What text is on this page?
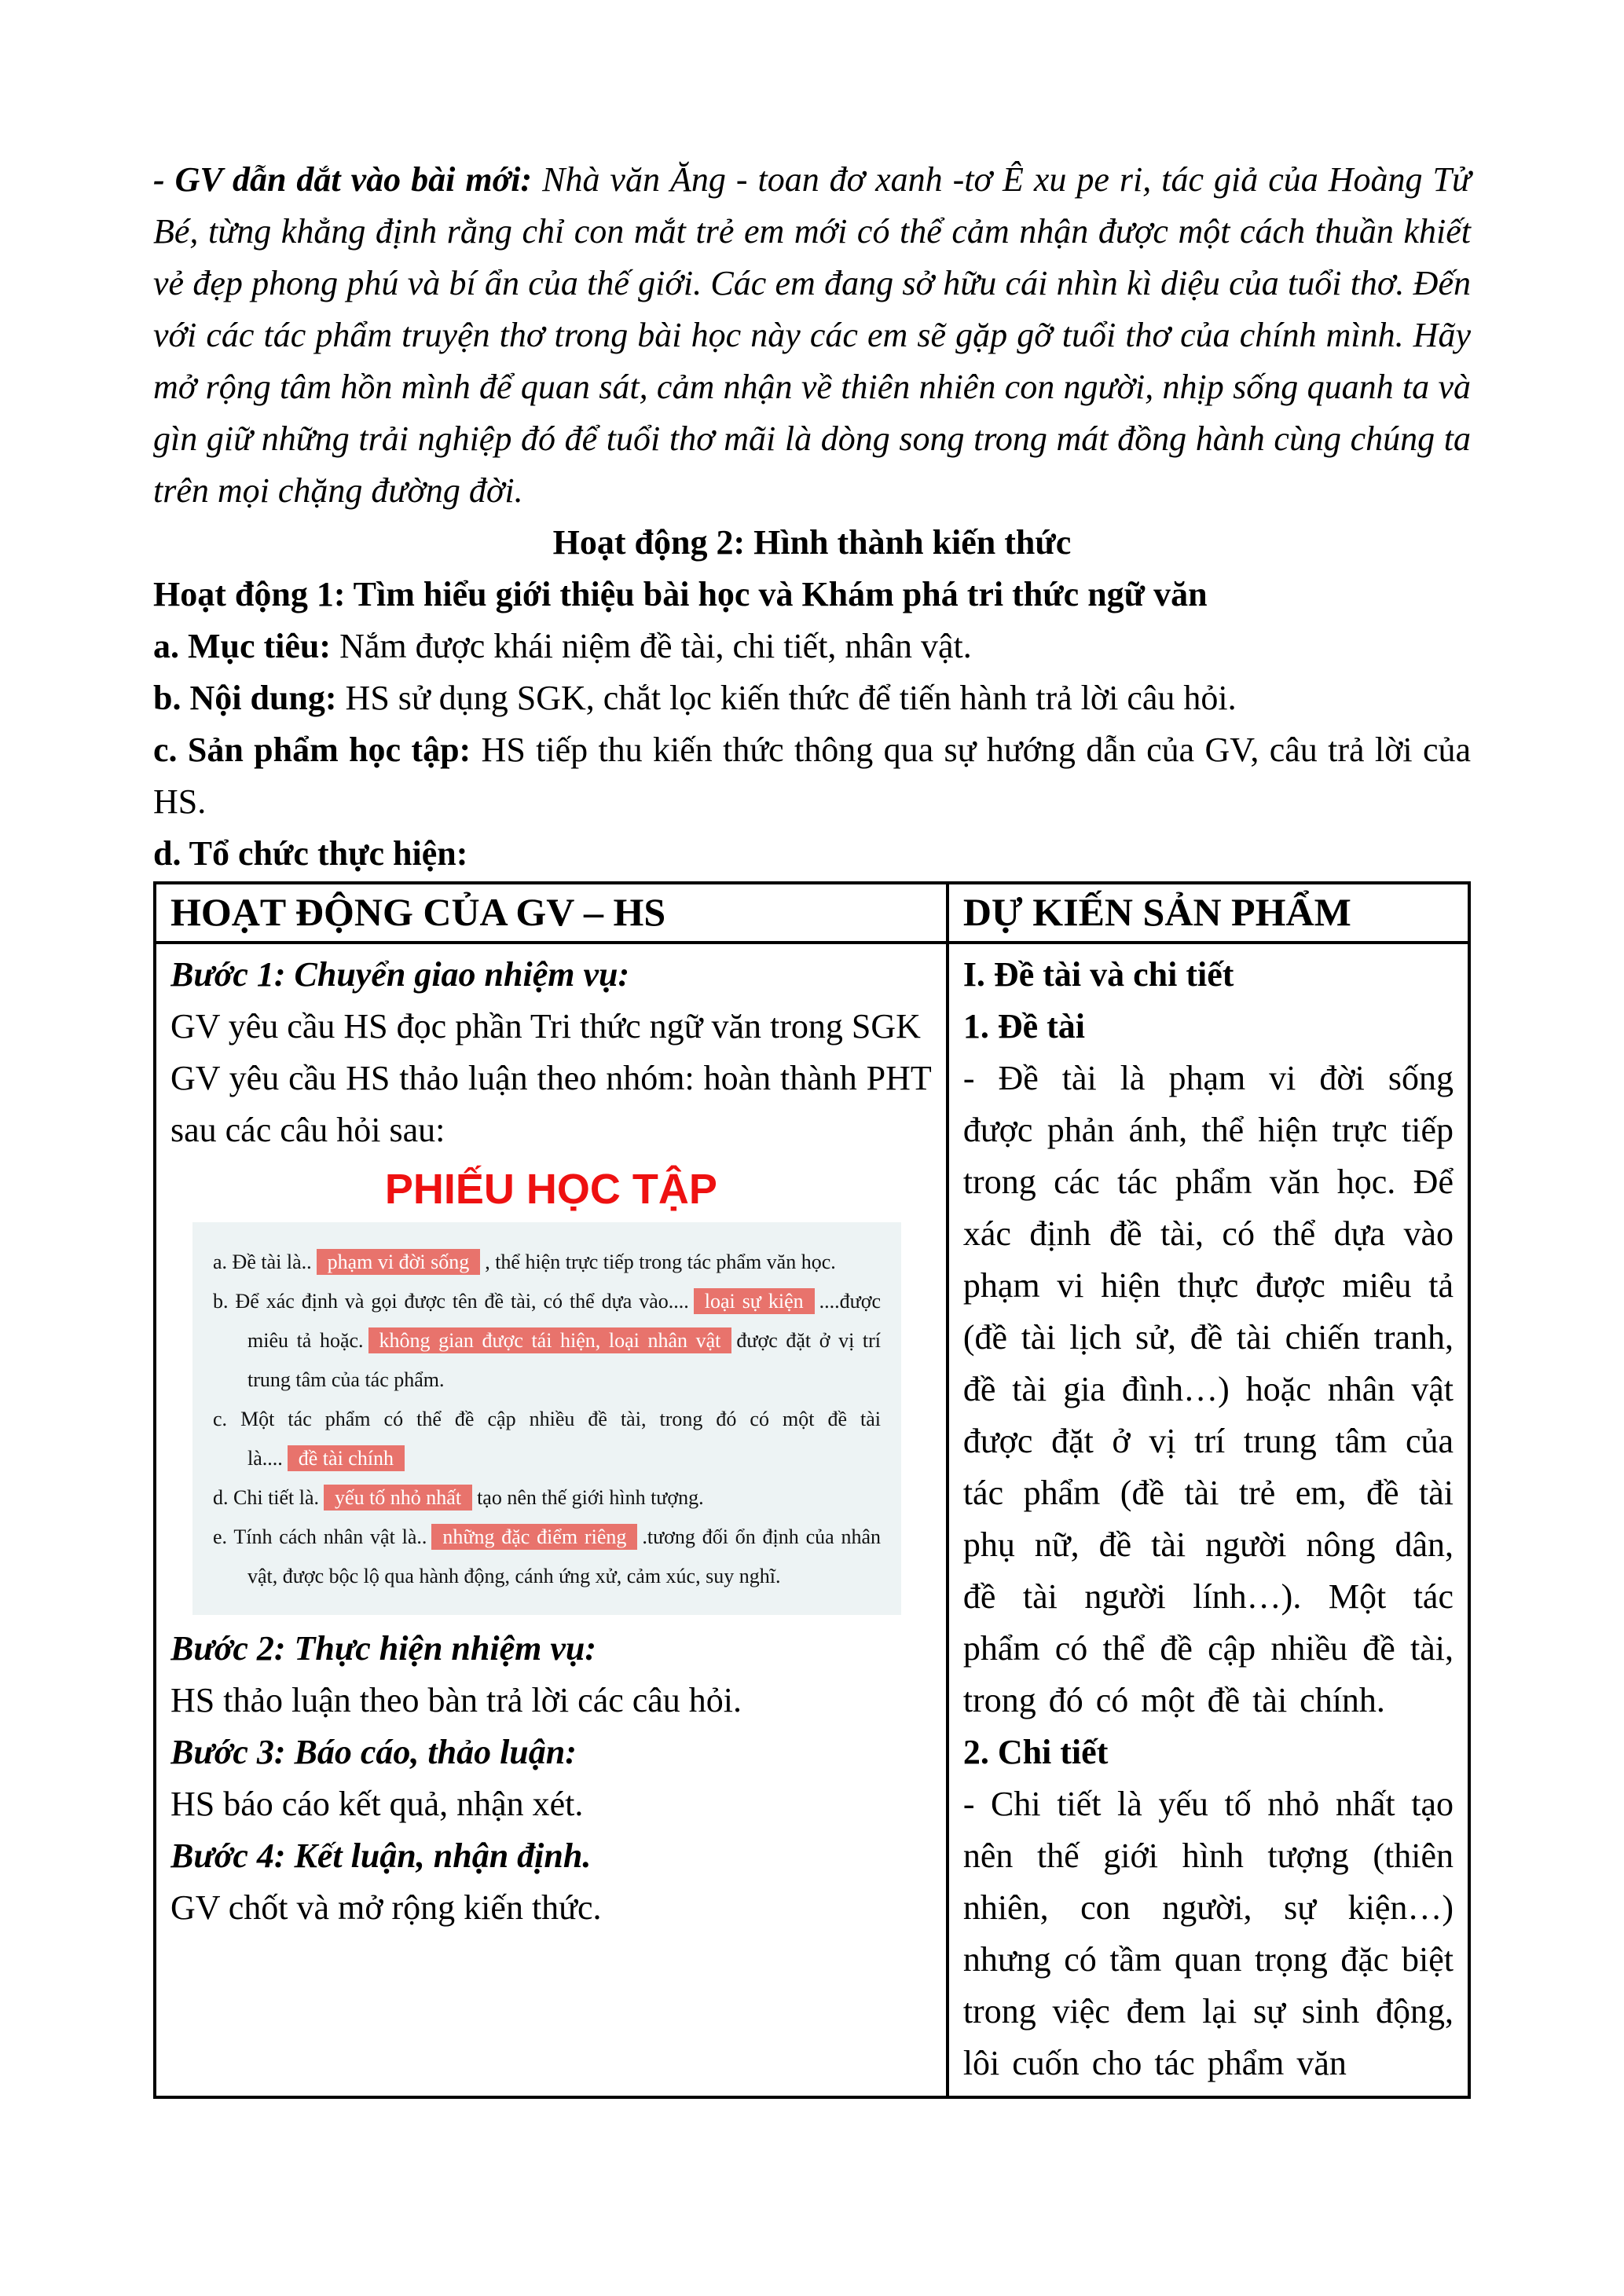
- GV dẫn dắt vào bài mới: Nhà văn Ăng - toan đơ xanh -tơ Ê xu pe ri, tác giả của Hoàng Tử Bé, từng khẳng định rằng chỉ con mắt trẻ em mới có thể cảm nhận được một cách thuần khiết vẻ đẹp phong phú và bí ẩn của thế giới. Các em đang sở hữu cái nhìn kì diệu của tuổi thơ. Đến với các tác phẩm truyện thơ trong bài học này các em sẽ gặp gỡ tuổi thơ của chính mình. Hãy mở rộng tâm hồn mình để quan sát, cảm nhận về thiên nhiên con người, nhịp sống quanh ta và gìn giữ những trải nghiệp đó để tuổi thơ mãi là dòng song trong mát đồng hành cùng chúng ta trên mọi chặng đường đời.

Hoạt động 2: Hình thành kiến thức

Hoạt động 1: Tìm hiểu giới thiệu bài học và Khám phá tri thức ngữ văn

a. Mục tiêu: Nắm được khái niệm đề tài, chi tiết, nhân vật.

b. Nội dung: HS sử dụng SGK, chắt lọc kiến thức để tiến hành trả lời câu hỏi.

c. Sản phẩm học tập: HS tiếp thu kiến thức thông qua sự hướng dẫn của GV, câu trả lời của HS.

d. Tổ chức thực hiện:

HOẠT ĐỘNG CỦA GV – HS	DỰ KIẾN SẢN PHẨM

Bước 1: Chuyển giao nhiệm vụ:

GV yêu cầu HS đọc phần Tri thức ngữ văn trong SGK

GV yêu cầu HS thảo luận theo nhóm: hoàn thành PHT sau các câu hỏi sau:

PHIẾU HỌC TẬP

a. Đề tài là.. phạm vi đời sống , thể hiện trực tiếp trong tác phẩm văn học.

b. Để xác định và gọi được tên đề tài, có thể dựa vào.... loại sự kiện ....được miêu tả hoặc. không gian được tái hiện, loại nhân vật được đặt ở vị trí trung tâm của tác phẩm.

c. Một tác phẩm có thể đề cập nhiều đề tài, trong đó có một đề tài là.... đề tài chính

d. Chi tiết là. yếu tố nhỏ nhất tạo nên thế giới hình tượng.

e. Tính cách nhân vật là.. những đặc điểm riêng .tương đối ổn định của nhân vật, được bộc lộ qua hành động, cánh ứng xử, cảm xúc, suy nghĩ.

Bước 2: Thực hiện nhiệm vụ:

HS thảo luận theo bàn trả lời các câu hỏi.

Bước 3: Báo cáo, thảo luận:

HS báo cáo kết quả, nhận xét.

Bước 4: Kết luận, nhận định.

GV chốt và mở rộng kiến thức.

I. Đề tài và chi tiết

1. Đề tài

- Đề tài là phạm vi đời sống được phản ánh, thể hiện trực tiếp trong các tác phẩm văn học. Để xác định đề tài, có thể dựa vào phạm vi hiện thực được miêu tả (đề tài lịch sử, đề tài chiến tranh, đề tài gia đình…) hoặc nhân vật được đặt ở vị trí trung tâm của tác phẩm (đề tài trẻ em, đề tài phụ nữ, đề tài người nông dân, đề tài người lính…). Một tác phẩm có thể đề cập nhiều đề tài, trong đó có một đề tài chính.

2. Chi tiết

- Chi tiết là yếu tố nhỏ nhất tạo nên thế giới hình tượng (thiên nhiên, con người, sự kiện…) nhưng có tầm quan trọng đặc biệt trong việc đem lại sự sinh động, lôi cuốn cho tác phẩm văn
